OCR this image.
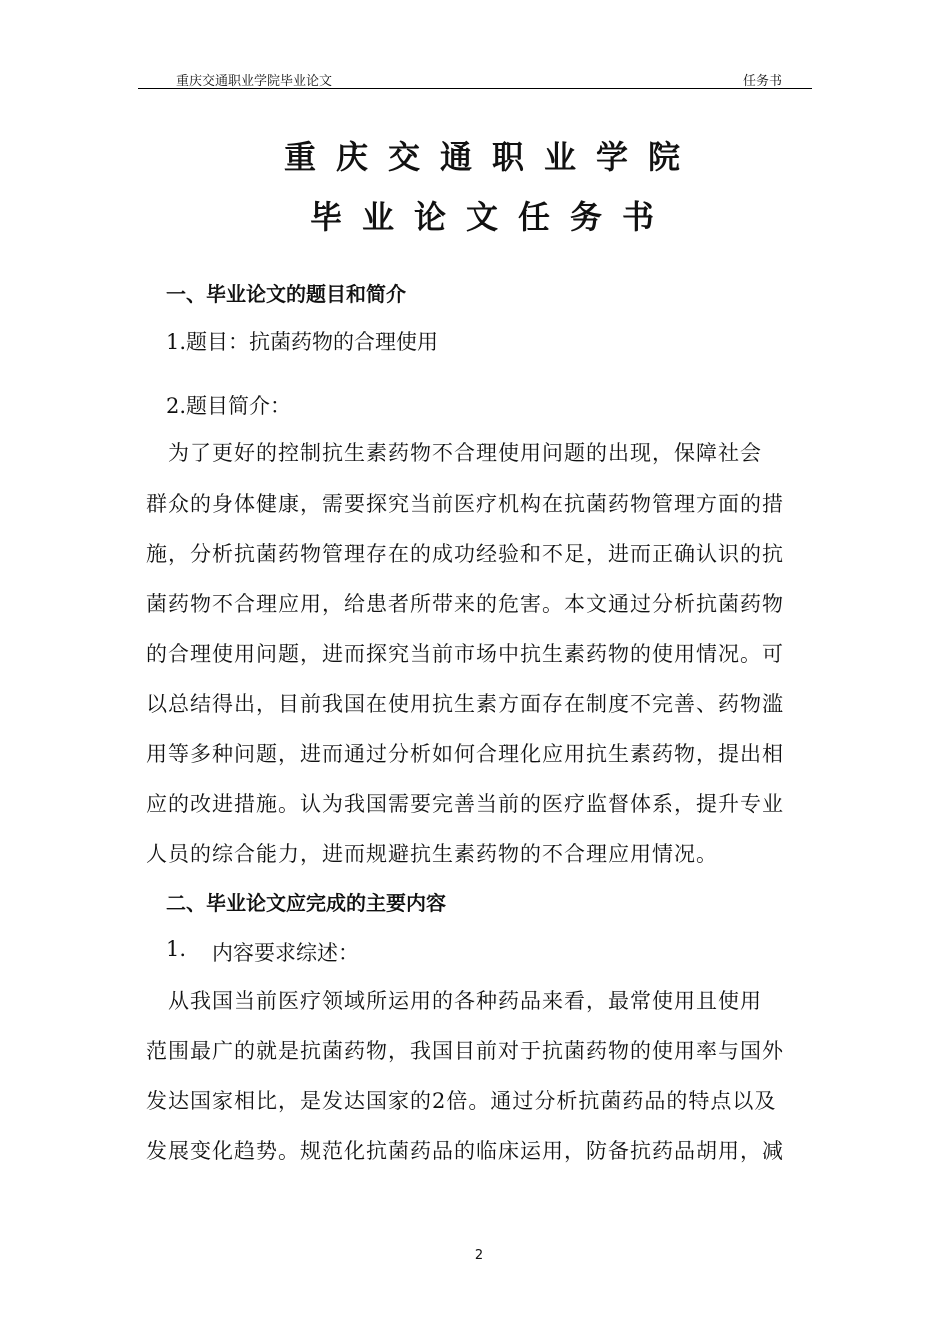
重庆交通职业学院毕业论文	任务书
重庆交通职业学院
毕业论文任务书
一、毕业论文的题目和简介
1.题目：抗菌药物的合理使用
2.题目简介：
　为了更好的控制抗生素药物不合理使用问题的出现，保障社会
群众的身体健康，需要探究当前医疗机构在抗菌药物管理方面的措
施，分析抗菌药物管理存在的成功经验和不足，进而正确认识的抗
菌药物不合理应用，给患者所带来的危害。本文通过分析抗菌药物
的合理使用问题，进而探究当前市场中抗生素药物的使用情况。可
以总结得出，目前我国在使用抗生素方面存在制度不完善、药物滥
用等多种问题，进而通过分析如何合理化应用抗生素药物，提出相
应的改进措施。认为我国需要完善当前的医疗监督体系，提升专业
人员的综合能力，进而规避抗生素药物的不合理应用情况。
二、毕业论文应完成的主要内容
1. 内容要求综述：
　从我国当前医疗领域所运用的各种药品来看，最常使用且使用
范围最广的就是抗菌药物，我国目前对于抗菌药物的使用率与国外
发达国家相比，是发达国家的2倍。通过分析抗菌药品的特点以及
发展变化趋势。规范化抗菌药品的临床运用，防备抗药品胡用，减
2
